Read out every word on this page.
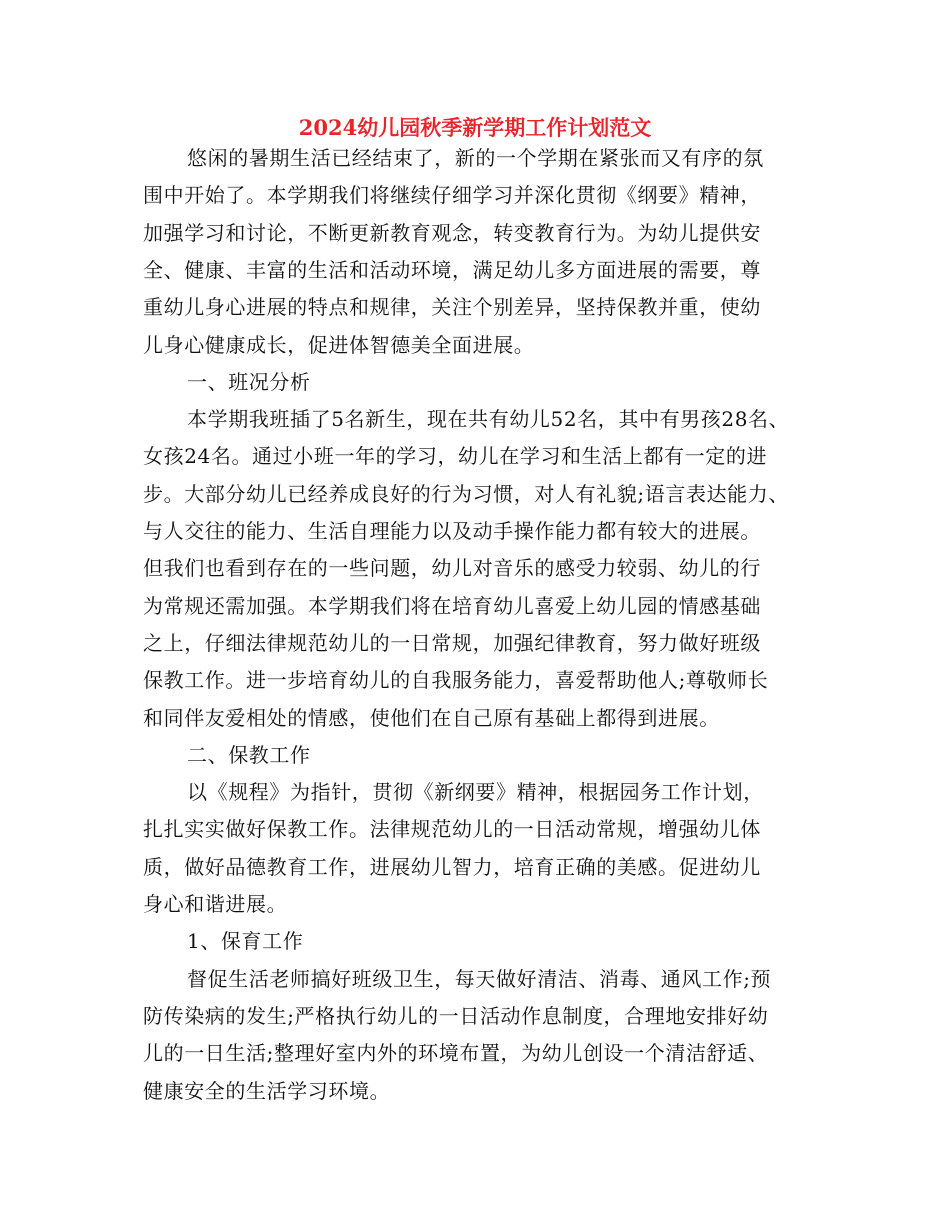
2024幼儿园秋季新学期工作计划范文
悠闲的暑期生活已经结束了，新的一个学期在紧张而又有序的氛
围中开始了。本学期我们将继续仔细学习并深化贯彻《纲要》精神，
加强学习和讨论，不断更新教育观念，转变教育行为。为幼儿提供安
全、健康、丰富的生活和活动环境，满足幼儿多方面进展的需要，尊
重幼儿身心进展的特点和规律，关注个别差异，坚持保教并重，使幼
儿身心健康成长，促进体智德美全面进展。
一、班况分析
本学期我班插了5名新生，现在共有幼儿52名，其中有男孩28名、
女孩24名。通过小班一年的学习，幼儿在学习和生活上都有一定的进
步。大部分幼儿已经养成良好的行为习惯，对人有礼貌;语言表达能力、
与人交往的能力、生活自理能力以及动手操作能力都有较大的进展。
但我们也看到存在的一些问题，幼儿对音乐的感受力较弱、幼儿的行
为常规还需加强。本学期我们将在培育幼儿喜爱上幼儿园的情感基础
之上，仔细法律规范幼儿的一日常规，加强纪律教育，努力做好班级
保教工作。进一步培育幼儿的自我服务能力，喜爱帮助他人;尊敬师长
和同伴友爱相处的情感，使他们在自己原有基础上都得到进展。
二、保教工作
以《规程》为指针，贯彻《新纲要》精神，根据园务工作计划，
扎扎实实做好保教工作。法律规范幼儿的一日活动常规，增强幼儿体
质，做好品德教育工作，进展幼儿智力，培育正确的美感。促进幼儿
身心和谐进展。
1、保育工作
督促生活老师搞好班级卫生，每天做好清洁、消毒、通风工作;预
防传染病的发生;严格执行幼儿的一日活动作息制度，合理地安排好幼
儿的一日生活;整理好室内外的环境布置，为幼儿创设一个清洁舒适、
健康安全的生活学习环境。
